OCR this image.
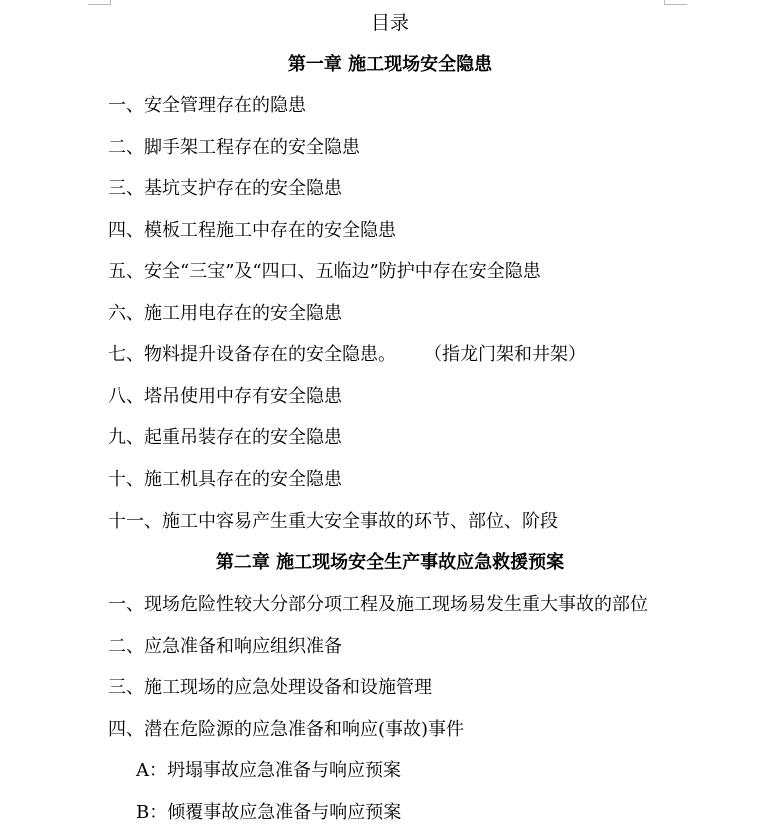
目录
第一章 施工现场安全隐患
一、安全管理存在的隐患
二、脚手架工程存在的安全隐患
三、基坑支护存在的安全隐患
四、模板工程施工中存在的安全隐患
五、安全“三宝”及“四口、五临边”防护中存在安全隐患
六、施工用电存在的安全隐患
七、物料提升设备存在的安全隐患。 （指龙门架和井架）
八、塔吊使用中存有安全隐患
九、起重吊装存在的安全隐患
十、施工机具存在的安全隐患
十一、施工中容易产生重大安全事故的环节、部位、阶段
第二章 施工现场安全生产事故应急救援预案
一、现场危险性较大分部分项工程及施工现场易发生重大事故的部位
二、应急准备和响应组织准备
三、施工现场的应急处理设备和设施管理
四、潜在危险源的应急准备和响应(事故)事件
A：坍塌事故应急准备与响应预案
B：倾覆事故应急准备与响应预案
